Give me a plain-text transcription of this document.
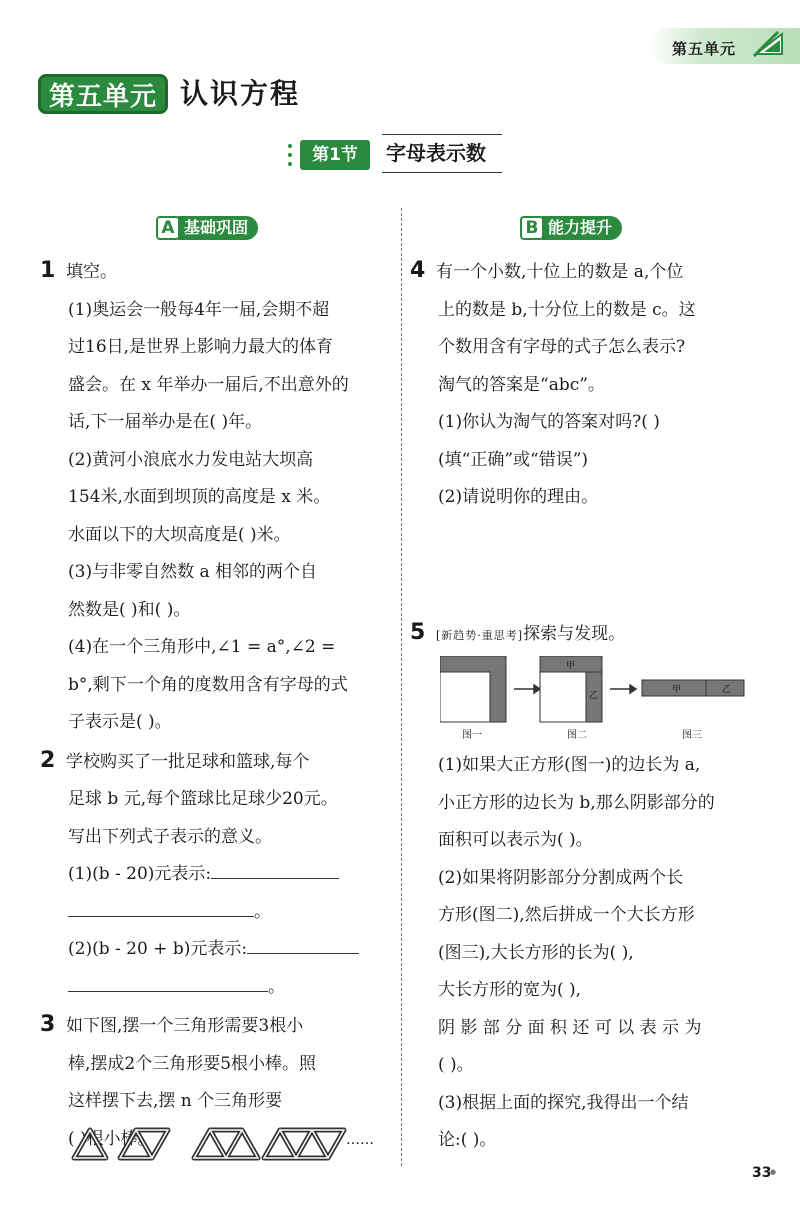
第五单元
第五单元 认识方程
第1节	字母表示数
A 基础巩固	B 能力提升

1 填空。

(1)奥运会一般每4年一届,会期不超

过16日,是世界上影响力最大的体育

盛会。在 x 年举办一届后,不出意外的

话,下一届举办是在( )年。

(2)黄河小浪底水力发电站大坝高

154米,水面到坝顶的高度是 x 米。

水面以下的大坝高度是( )米。

(3)与非零自然数 a 相邻的两个自

然数是( )和( )。

(4)在一个三角形中,∠1 = a°,∠2 =

b°,剩下一个角的度数用含有字母的式

子表示是( )。

2 学校购买了一批足球和篮球,每个

足球 b 元,每个篮球比足球少20元。

写出下列式子表示的意义。

(1)(b - 20)元表示:

。

(2)(b - 20 + b)元表示:

。

3 如下图,摆一个三角形需要3根小

棒,摆成2个三角形要5根小棒。照

这样摆下去,摆 n 个三角形要

( )根小棒。	……

4 有一个小数,十位上的数是 a,个位

上的数是 b,十分位上的数是 c。这

个数用含有字母的式子怎么表示?

淘气的答案是“abc”。

(1)你认为淘气的答案对吗?( )

(填“正确”或“错误”)

(2)请说明你的理由。

5 [新趋势·重思考]探索与发现。

甲
乙
甲	乙
图一	图二	图三

(1)如果大正方形(图一)的边长为 a,

小正方形的边长为 b,那么阴影部分的

面积可以表示为( )。

(2)如果将阴影部分分割成两个长

方形(图二),然后拼成一个大长方形

(图三),大长方形的长为( ),

大长方形的宽为( ),

阴 影 部 分 面 积 还 可 以 表 示 为

( )。

(3)根据上面的探究,我得出一个结

论:( )。

33
●
